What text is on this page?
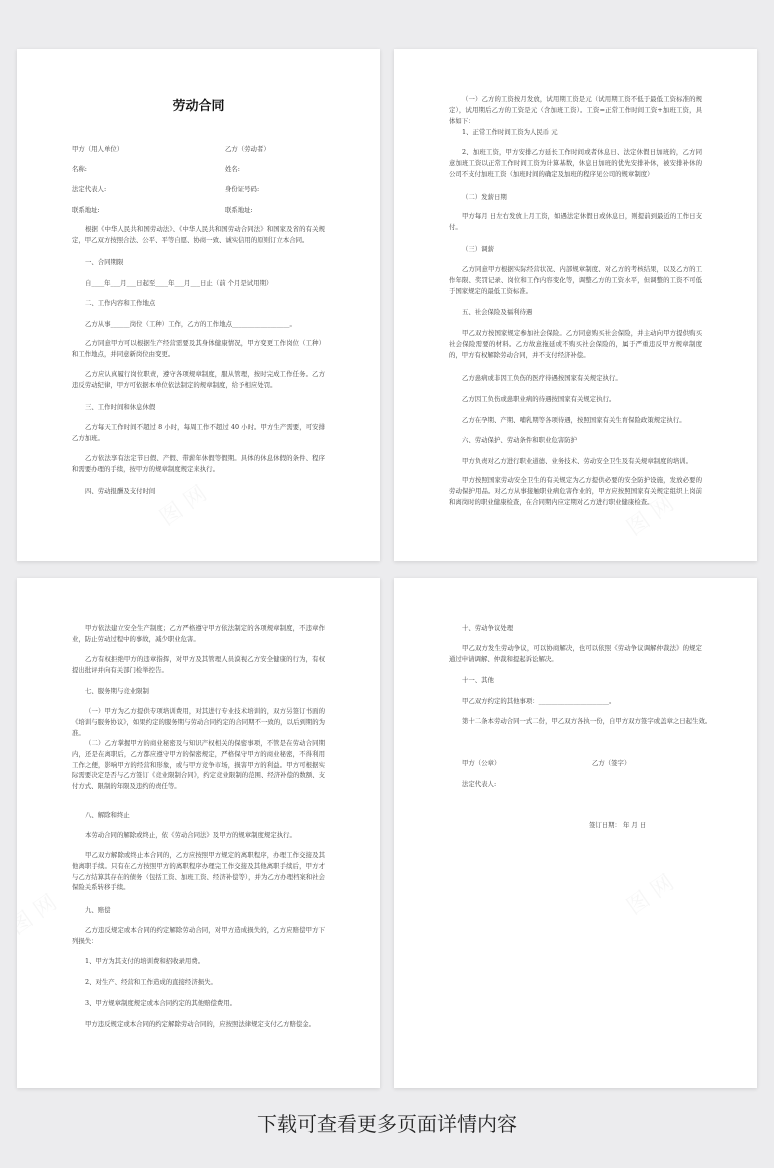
劳动合同
甲方（用人单位）	乙方（劳动者）
名称:	姓名:
法定代表人:	身份证号码:
联系地址:	联系地址:
根据《中华人民共和国劳动法》、《中华人民共和国劳动合同法》和国家及省的有关规定，甲乙双方按照合法、公平、平等自愿、协商一致、诚实信用的原则订立本合同。
一、合同期限
自____年___月___日起至____年___月___日止（前 个月是试用期）
二、工作内容和工作地点
乙方从事______岗位（工种）工作，乙方的工作地点__________________。
乙方同意甲方可以根据生产经营需要及其身体健康情况，甲方变更工作岗位（工种）和工作地点，并同意新岗位由变更。
乙方应认真履行岗位职责，遵守各项规章制度，服从管理，按时完成工作任务。乙方违反劳动纪律，甲方可依据本单位依法制定的规章制度，给予相应处罚。
三、工作时间和休息休假
乙方每天工作时间不超过 8 小时，每周工作不超过 40 小时。甲方生产需要，可安排乙方加班。
乙方依法享有法定节日假、产假、带薪年休假等假期。具体的休息休假的条件、程序和需要办理的手续，按甲方的规章制度规定来执行。
四、劳动报酬及支付时间
（一）乙方的工资按月发放，试用期工资是元（试用期工资不低于最低工资标准的规定），试用期后乙方的工资是元（含加班工资）。工资=正常工作时间工资+加班工资，具体如下：
1、正常工作时间工资为人民币 元
2、加班工资，甲方安排乙方延长工作时间或者休息日、法定休假日加班的，乙方同意加班工资以正常工作时间工资为计算基数，休息日加班的优先安排补休，被安排补休的公司不支付加班工资（加班时间的确定及加班的程序见公司的规章制度）
（二）发薪日期
甲方每月 日左右发放上月工资，如遇法定休假日或休息日，则提前到最近的工作日支付。
（三）调薪
乙方同意甲方根据实际经营状况、内部规章制度、对乙方的考核结果，以及乙方的工作年限、奖罚记录、岗位和工作内容变化等，调整乙方的工资水平，但调整的工资不可低于国家规定的最低工资标准。
五、社会保险及福利待遇
甲乙双方按国家规定参加社会保险。乙方同意购买社会保险，并主动向甲方提供购买社会保险需要的材料。乙方故意拖延或不购买社会保险的，属于严重违反甲方规章制度的，甲方有权解除劳动合同，并不支付经济补偿。
乙方患病或非因工负伤的医疗待遇按国家有关规定执行。
乙方因工负伤或患职业病的待遇按国家有关规定执行。
乙方在孕期、产期、哺乳期等各项待遇，按照国家有关生育保险政策规定执行。
六、劳动保护、劳动条件和职业危害防护
甲方负责对乙方进行职业道德、业务技术、劳动安全卫生及有关规章制度的培训。
甲方按照国家劳动安全卫生的有关规定为乙方提供必要的安全防护设施，发放必要的劳动保护用品。对乙方从事接触职业病危害作业的，甲方应按照国家有关规定组织上岗前和离岗时的职业健康检查，在合同期内应定期对乙方进行职业健康检查。
甲方依法建立安全生产制度；乙方严格遵守甲方依法制定的各项规章制度，不违章作业，防止劳动过程中的事故，减少职业危害。
乙方有权拒绝甲方的违章指挥，对甲方及其管理人员漠视乙方安全健康的行为，有权提出批评并向有关部门检举控告。
七、服务期与竞业限制
（一）甲方为乙方提供专项培训费用，对其进行专业技术培训的，双方另签订书面的《培训与服务协议》，如果约定的服务期与劳动合同约定的合同期不一致的，以后到期的为准。
（二）乙方掌握甲方的商业秘密及与知识产权相关的保密事项，不管是在劳动合同期内，还是在离职后，乙方都应遵守甲方的保密规定，严格保守甲方的商业秘密，不得利用工作之便，影响甲方的经营和形象，或与甲方竞争市场，损害甲方的利益。甲方可根据实际需要决定是否与乙方签订《竞业限制合同》，约定竞业限制的范围、经济补偿的数额、支付方式、限制的年限及违约的责任等。
八、解除和终止
本劳动合同的解除或终止，依《劳动合同法》及甲方的规章制度规定执行。
甲乙双方解除或终止本合同的，乙方应按照甲方规定的离职程序，办理工作交接及其他离职手续。只有在乙方按照甲方的离职程序办理完工作交接及其他离职手续后，甲方才与乙方结算其存在的债务（包括工资、加班工资、经济补偿等），并为乙方办理档案和社会保险关系转移手续。
九、赔偿
乙方违反规定或本合同的约定解除劳动合同，对甲方造成损失的，乙方应赔偿甲方下列损失：
1、甲方为其支付的培训费和招收录用费。
2、对生产、经营和工作造成的直接经济损失。
3、甲方规章制度规定或本合同约定的其他赔偿费用。
甲方违反规定或本合同的约定解除劳动合同的，应按照法律规定支付乙方赔偿金。
十、劳动争议处理
甲乙双方发生劳动争议，可以协商解决，也可以依照《劳动争议调解仲裁法》的规定通过申请调解、仲裁和提起诉讼解决。
十一、其他
甲乙双方约定的其他事项：______________________。
第十二条本劳动合同一式二份，甲乙双方各执一份，自甲方双方签字或盖章之日起生效。
甲方（公章）	乙方（签字）
法定代表人:
签订日期： 年 月 日
下载可查看更多页面详情内容
